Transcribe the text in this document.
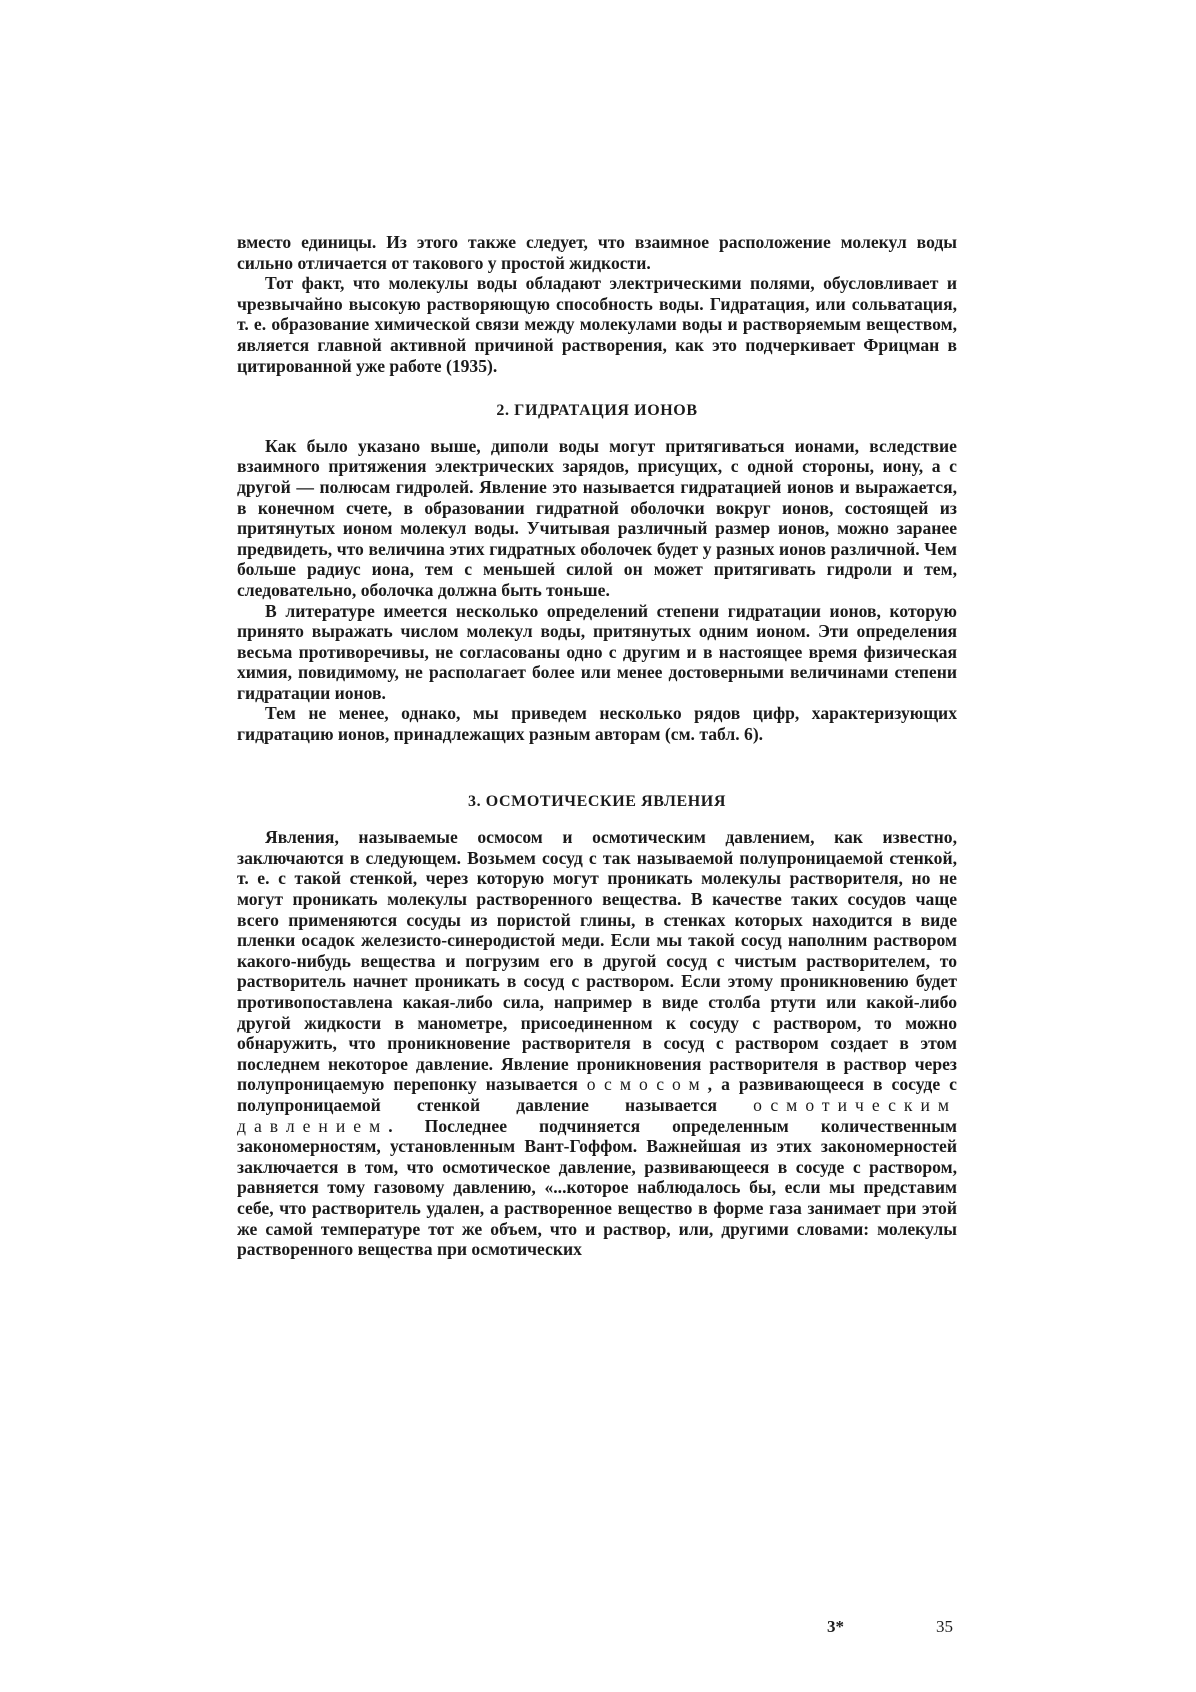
вместо единицы. Из этого также следует, что взаимное расположение молекул воды сильно отличается от такового у простой жидкости.

Тот факт, что молекулы воды обладают электрическими полями, обусловливает и чрезвычайно высокую растворяющую способность воды. Гидратация, или сольватация, т. е. образование химической связи между молекулами воды и растворяемым веществом, является главной активной причиной растворения, как это подчеркивает Фрицман в цитированной уже работе (1935).

2. ГИДРАТАЦИЯ ИОНОВ

Как было указано выше, диполи воды могут притягиваться ионами, вследствие взаимного притяжения электрических зарядов, присущих, с одной стороны, иону, а с другой — полюсам гидролей. Явление это называется гидратацией ионов и выражается, в конечном счете, в образовании гидратной оболочки вокруг ионов, состоящей из притянутых ионом молекул воды. Учитывая различный размер ионов, можно заранее предвидеть, что величина этих гидратных оболочек будет у разных ионов различной. Чем больше радиус иона, тем с меньшей силой он может притягивать гидроли и тем, следовательно, оболочка должна быть тоньше.

В литературе имеется несколько определений степени гидратации ионов, которую принято выражать числом молекул воды, притянутых одним ионом. Эти определения весьма противоречивы, не согласованы одно с другим и в настоящее время физическая химия, повидимому, не располагает более или менее достоверными величинами степени гидратации ионов.

Тем не менее, однако, мы приведем несколько рядов цифр, характеризующих гидратацию ионов, принадлежащих разным авторам (см. табл. 6).

3. ОСМОТИЧЕСКИЕ ЯВЛЕНИЯ

Явления, называемые осмосом и осмотическим давлением, как известно, заключаются в следующем. Возьмем сосуд с так называемой полупроницаемой стенкой, т. е. с такой стенкой, через которую могут проникать молекулы растворителя, но не могут проникать молекулы растворенного вещества. В качестве таких сосудов чаще всего применяются сосуды из пористой глины, в стенках которых находится в виде пленки осадок железисто-синеродистой меди. Если мы такой сосуд наполним раствором какого-нибудь вещества и погрузим его в другой сосуд с чистым растворителем, то растворитель начнет проникать в сосуд с раствором. Если этому проникновению будет противопоставлена какая-либо сила, например в виде столба ртути или какой-либо другой жидкости в манометре, присоединенном к сосуду с раствором, то можно обнаружить, что проникновение растворителя в сосуд с раствором создает в этом последнем некоторое давление. Явление проникновения растворителя в раствор через полупроницаемую перепонку называется осмосом, а развивающееся в сосуде с полупроницаемой стенкой давление называется осмотическим давлением. Последнее подчиняется определенным количественным закономерностям, установленным Вант-Гоффом. Важнейшая из этих закономерностей заключается в том, что осмотическое давление, развивающееся в сосуде с раствором, равняется тому газовому давлению, «...которое наблюдалось бы, если мы представим себе, что растворитель удален, а растворенное вещество в форме газа занимает при этой же самой температуре тот же объем, что и раствор, или, другими словами: молекулы растворенного вещества при осмотических

3*	35
